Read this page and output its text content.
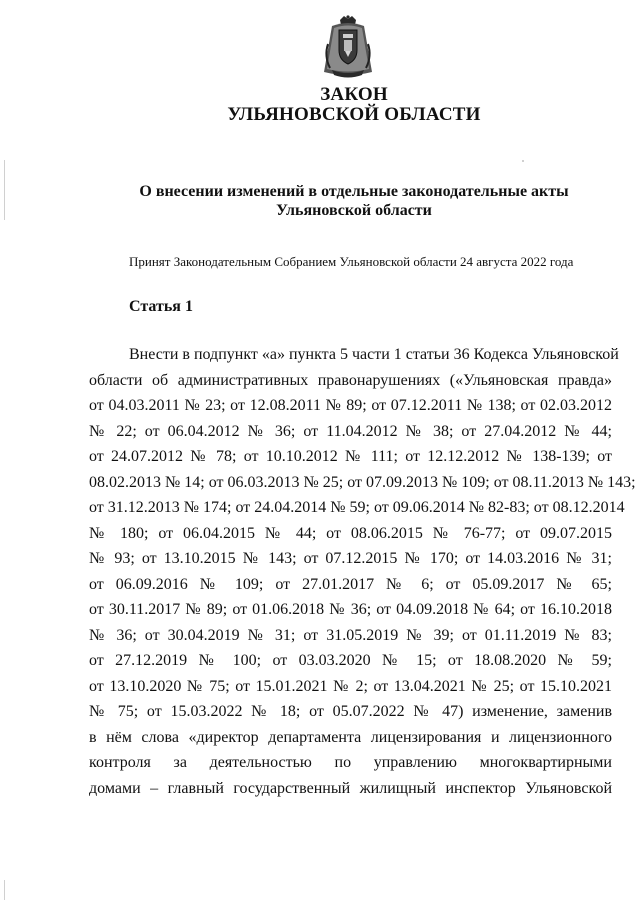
ЗАКОН
УЛЬЯНОВСКОЙ ОБЛАСТИ
О внесении изменений в отдельные законодательные акты
Ульяновской области
Принят Законодательным Собранием Ульяновской области 24 августа 2022 года
Статья 1
Внести в подпункт «а» пункта 5 части 1 статьи 36 Кодекса Ульяновской
области об административных правонарушениях («Ульяновская правда»
от 04.03.2011 № 23; от 12.08.2011 № 89; от 07.12.2011 № 138; от 02.03.2012
№ 22; от 06.04.2012 № 36; от 11.04.2012 № 38; от 27.04.2012 № 44;
от 24.07.2012 № 78; от 10.10.2012 № 111; от 12.12.2012 № 138-139; от
08.02.2013 № 14; от 06.03.2013 № 25; от 07.09.2013 № 109; от 08.11.2013 № 143;
от 31.12.2013 № 174; от 24.04.2014 № 59; от 09.06.2014 № 82-83; от 08.12.2014
№ 180; от 06.04.2015 № 44; от 08.06.2015 № 76-77; от 09.07.2015
№ 93; от 13.10.2015 № 143; от 07.12.2015 № 170; от 14.03.2016 № 31;
от 06.09.2016 № 109; от 27.01.2017 № 6; от 05.09.2017 № 65;
от 30.11.2017 № 89; от 01.06.2018 № 36; от 04.09.2018 № 64; от 16.10.2018
№ 36; от 30.04.2019 № 31; от 31.05.2019 № 39; от 01.11.2019 № 83;
от 27.12.2019 № 100; от 03.03.2020 № 15; от 18.08.2020 № 59;
от 13.10.2020 № 75; от 15.01.2021 № 2; от 13.04.2021 № 25; от 15.10.2021
№ 75; от 15.03.2022 № 18; от 05.07.2022 № 47) изменение, заменив
в нём слова «директор департамента лицензирования и лицензионного
контроля за деятельностью по управлению многоквартирными
домами – главный государственный жилищный инспектор Ульяновской
